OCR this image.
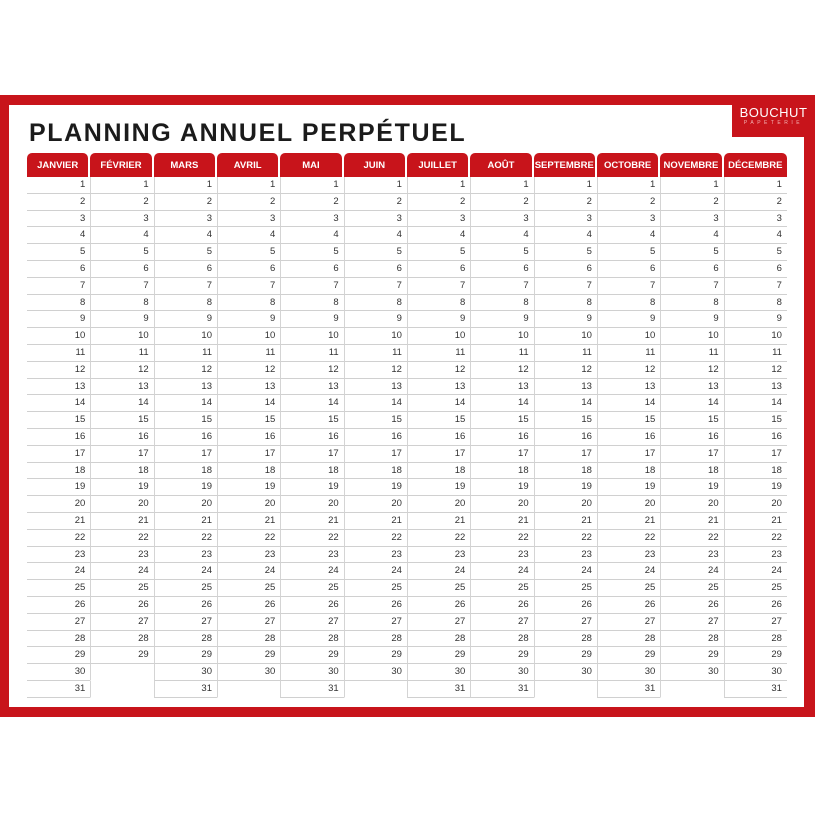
BOUCHUT
PAPETERIE
PLANNING ANNUEL PERPÉTUEL
JANVIER
1
2
3
4
5
6
7
8
9
10
11
12
13
14
15
16
17
18
19
20
21
22
23
24
25
26
27
28
29
30
31
FÉVRIER
1
2
3
4
5
6
7
8
9
10
11
12
13
14
15
16
17
18
19
20
21
22
23
24
25
26
27
28
29
MARS
1
2
3
4
5
6
7
8
9
10
11
12
13
14
15
16
17
18
19
20
21
22
23
24
25
26
27
28
29
30
31
AVRIL
1
2
3
4
5
6
7
8
9
10
11
12
13
14
15
16
17
18
19
20
21
22
23
24
25
26
27
28
29
30
MAI
1
2
3
4
5
6
7
8
9
10
11
12
13
14
15
16
17
18
19
20
21
22
23
24
25
26
27
28
29
30
31
JUIN
1
2
3
4
5
6
7
8
9
10
11
12
13
14
15
16
17
18
19
20
21
22
23
24
25
26
27
28
29
30
JUILLET
1
2
3
4
5
6
7
8
9
10
11
12
13
14
15
16
17
18
19
20
21
22
23
24
25
26
27
28
29
30
31
AOÛT
1
2
3
4
5
6
7
8
9
10
11
12
13
14
15
16
17
18
19
20
21
22
23
24
25
26
27
28
29
30
31
SEPTEMBRE
1
2
3
4
5
6
7
8
9
10
11
12
13
14
15
16
17
18
19
20
21
22
23
24
25
26
27
28
29
30
OCTOBRE
1
2
3
4
5
6
7
8
9
10
11
12
13
14
15
16
17
18
19
20
21
22
23
24
25
26
27
28
29
30
31
NOVEMBRE
1
2
3
4
5
6
7
8
9
10
11
12
13
14
15
16
17
18
19
20
21
22
23
24
25
26
27
28
29
30
DÉCEMBRE
1
2
3
4
5
6
7
8
9
10
11
12
13
14
15
16
17
18
19
20
21
22
23
24
25
26
27
28
29
30
31
